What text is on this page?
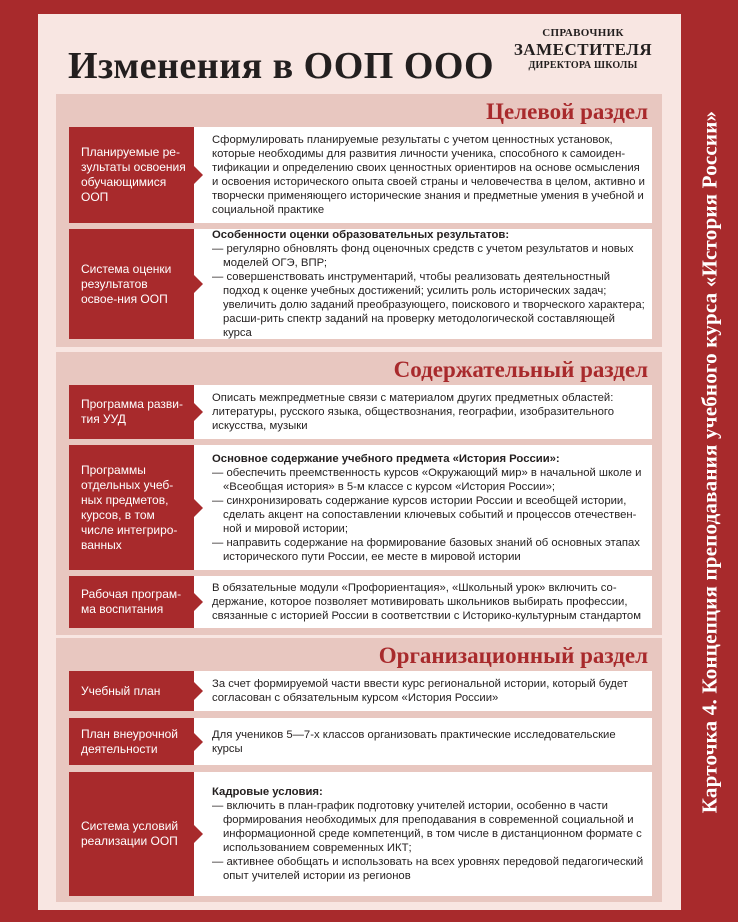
Изменения в ООП ООО
СПРАВОЧНИК
ЗАМЕСТИТЕЛЯ
ДИРЕКТОРА ШКОЛЫ
Целевой раздел
Планируемые ре-зультаты освоения обучающимися ООП
Сформулировать планируемые результаты с учетом ценностных установок, которые необходимы для развития личности ученика, способного к самоиден-тификации и определению своих ценностных ориентиров на основе осмысления и освоения исторического опыта своей страны и человечества в целом, активно и творчески применяющего исторические знания и предметные умения в учебной и социальной практике
Система оценки результатов освое-ния ООП
Особенности оценки образовательных результатов:
— регулярно обновлять фонд оценочных средств с учетом результатов и новых моделей ОГЭ, ВПР;
— совершенствовать инструментарий, чтобы реализовать деятельностный подход к оценке учебных достижений; усилить роль исторических задач; увеличить долю заданий преобразующего, поискового и творческого характера; расши-рить спектр заданий на проверку методологической составляющей курса
Содержательный раздел
Программа разви-тия УУД
Описать межпредметные связи с материалом других предметных областей: литературы, русского языка, обществознания, географии, изобразительного искусства, музыки
Программы отдельных учеб-ных предметов, курсов, в том числе интегриро-ванных
Основное содержание учебного предмета «История России»:
— обеспечить преемственность курсов «Окружающий мир» в начальной школе и «Всеобщая история» в 5-м классе с курсом «История России»;
— синхронизировать содержание курсов истории России и всеобщей истории, сделать акцент на сопоставлении ключевых событий и процессов отечествен-ной и мировой истории;
— направить содержание на формирование базовых знаний об основных этапах исторического пути России, ее месте в мировой истории
Рабочая програм-ма воспитания
В обязательные модули «Профориентация», «Школьный урок» включить со-держание, которое позволяет мотивировать школьников выбирать профессии, связанные с историей России в соответствии с Историко-культурным стандартом
Организационный раздел
Учебный план	За счет формируемой части ввести курс региональной истории, который будет согласован с обязательным курсом «История России»
План внеурочной деятельности
Для учеников 5—7-х классов организовать практические исследовательские курсы
Система условий реализации ООП
Кадровые условия:
— включить в план-график подготовку учителей истории, особенно в части формирования необходимых для преподавания в современной социальной и информационной среде компетенций, в том числе в дистанционном формате с использованием современных ИКТ;
— активнее обобщать и использовать на всех уровнях передовой педагогический опыт учителей истории из регионов
Карточка 4. Концепция преподавания учебного курса «История России»
